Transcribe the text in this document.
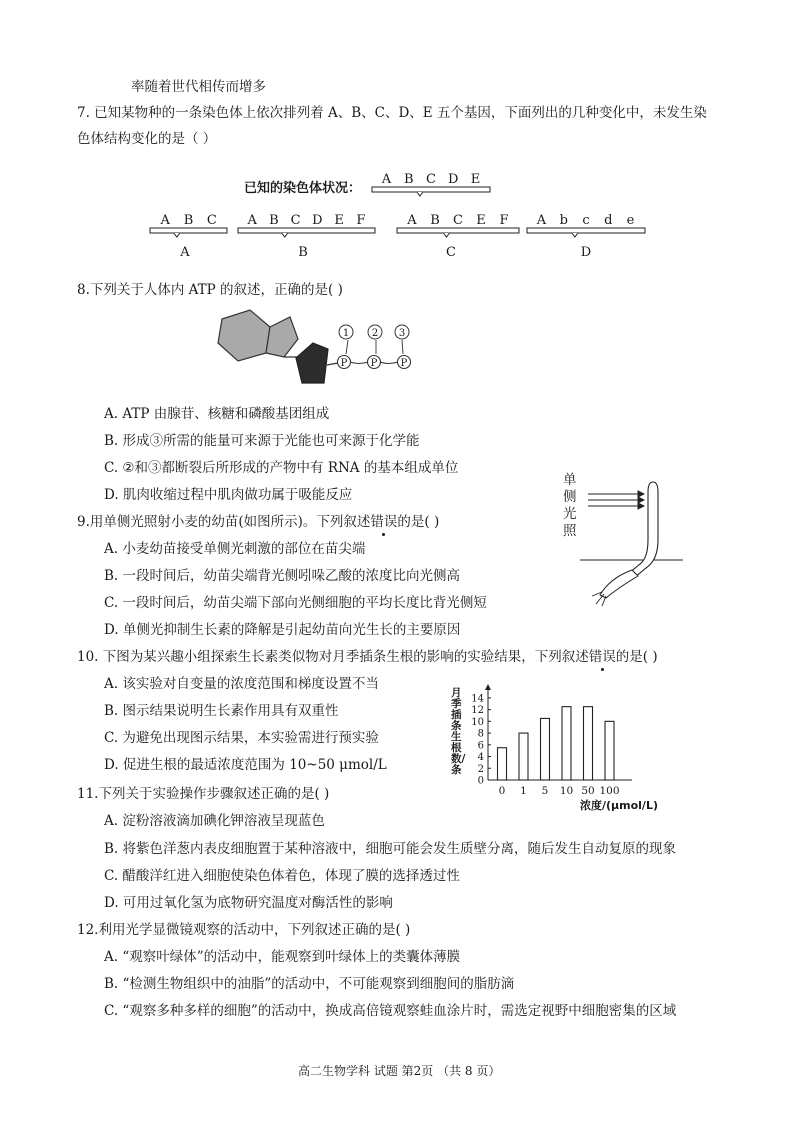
率随着世代相传而增多
7. 已知某物种的一条染色体上依次排列着 A、B、C、D、E 五个基因，下面列出的几种变化中，未发生染
色体结构变化的是（ ）
已知的染色体状况：
A B C D E
A B C
A
A B C D E F
B
A B C E F
C
A b c d e
D
8.下列关于人体内 ATP 的叙述，正确的是( )
P P P
1 2 3
A. ATP 由腺苷、核糖和磷酸基团组成
B. 形成③所需的能量可来源于光能也可来源于化学能
C. ②和③都断裂后所形成的产物中有 RNA 的基本组成单位
D. 肌肉收缩过程中肌肉做功属于吸能反应
9.用单侧光照射小麦的幼苗(如图所示)。下列叙述错误的是( )
A. 小麦幼苗接受单侧光刺激的部位在苗尖端
B. 一段时间后，幼苗尖端背光侧吲哚乙酸的浓度比向光侧高
C. 一段时间后，幼苗尖端下部向光侧细胞的平均长度比背光侧短
D. 单侧光抑制生长素的降解是引起幼苗向光生长的主要原因
单
侧
光
照
10. 下图为某兴趣小组探索生长素类似物对月季插条生根的影响的实验结果，下列叙述错误的是( )
A. 该实验对自变量的浓度范围和梯度设置不当
B. 图示结果说明生长素作用具有双重性
C. 为避免出现图示结果，本实验需进行预实验
D. 促进生根的最适浓度范围为 10~50 μmol/L
月季插条生根数/条
浓度/(μmol/L)
0
2
4
6
8
10
12
14
0 1 5 10 50 100
11.下列关于实验操作步骤叙述正确的是( )
A. 淀粉溶液滴加碘化钾溶液呈现蓝色
B. 将紫色洋葱内表皮细胞置于某种溶液中，细胞可能会发生质壁分离，随后发生自动复原的现象
C. 醋酸洋红进入细胞使染色体着色，体现了膜的选择透过性
D. 可用过氧化氢为底物研究温度对酶活性的影响
12.利用光学显微镜观察的活动中，下列叙述正确的是( )
A. “观察叶绿体”的活动中，能观察到叶绿体上的类囊体薄膜
B. “检测生物组织中的油脂”的活动中，不可能观察到细胞间的脂肪滴
C. “观察多种多样的细胞”的活动中，换成高倍镜观察蛙血涂片时，需选定视野中细胞密集的区域
高二生物学科 试题 第2页 （共 8 页）
